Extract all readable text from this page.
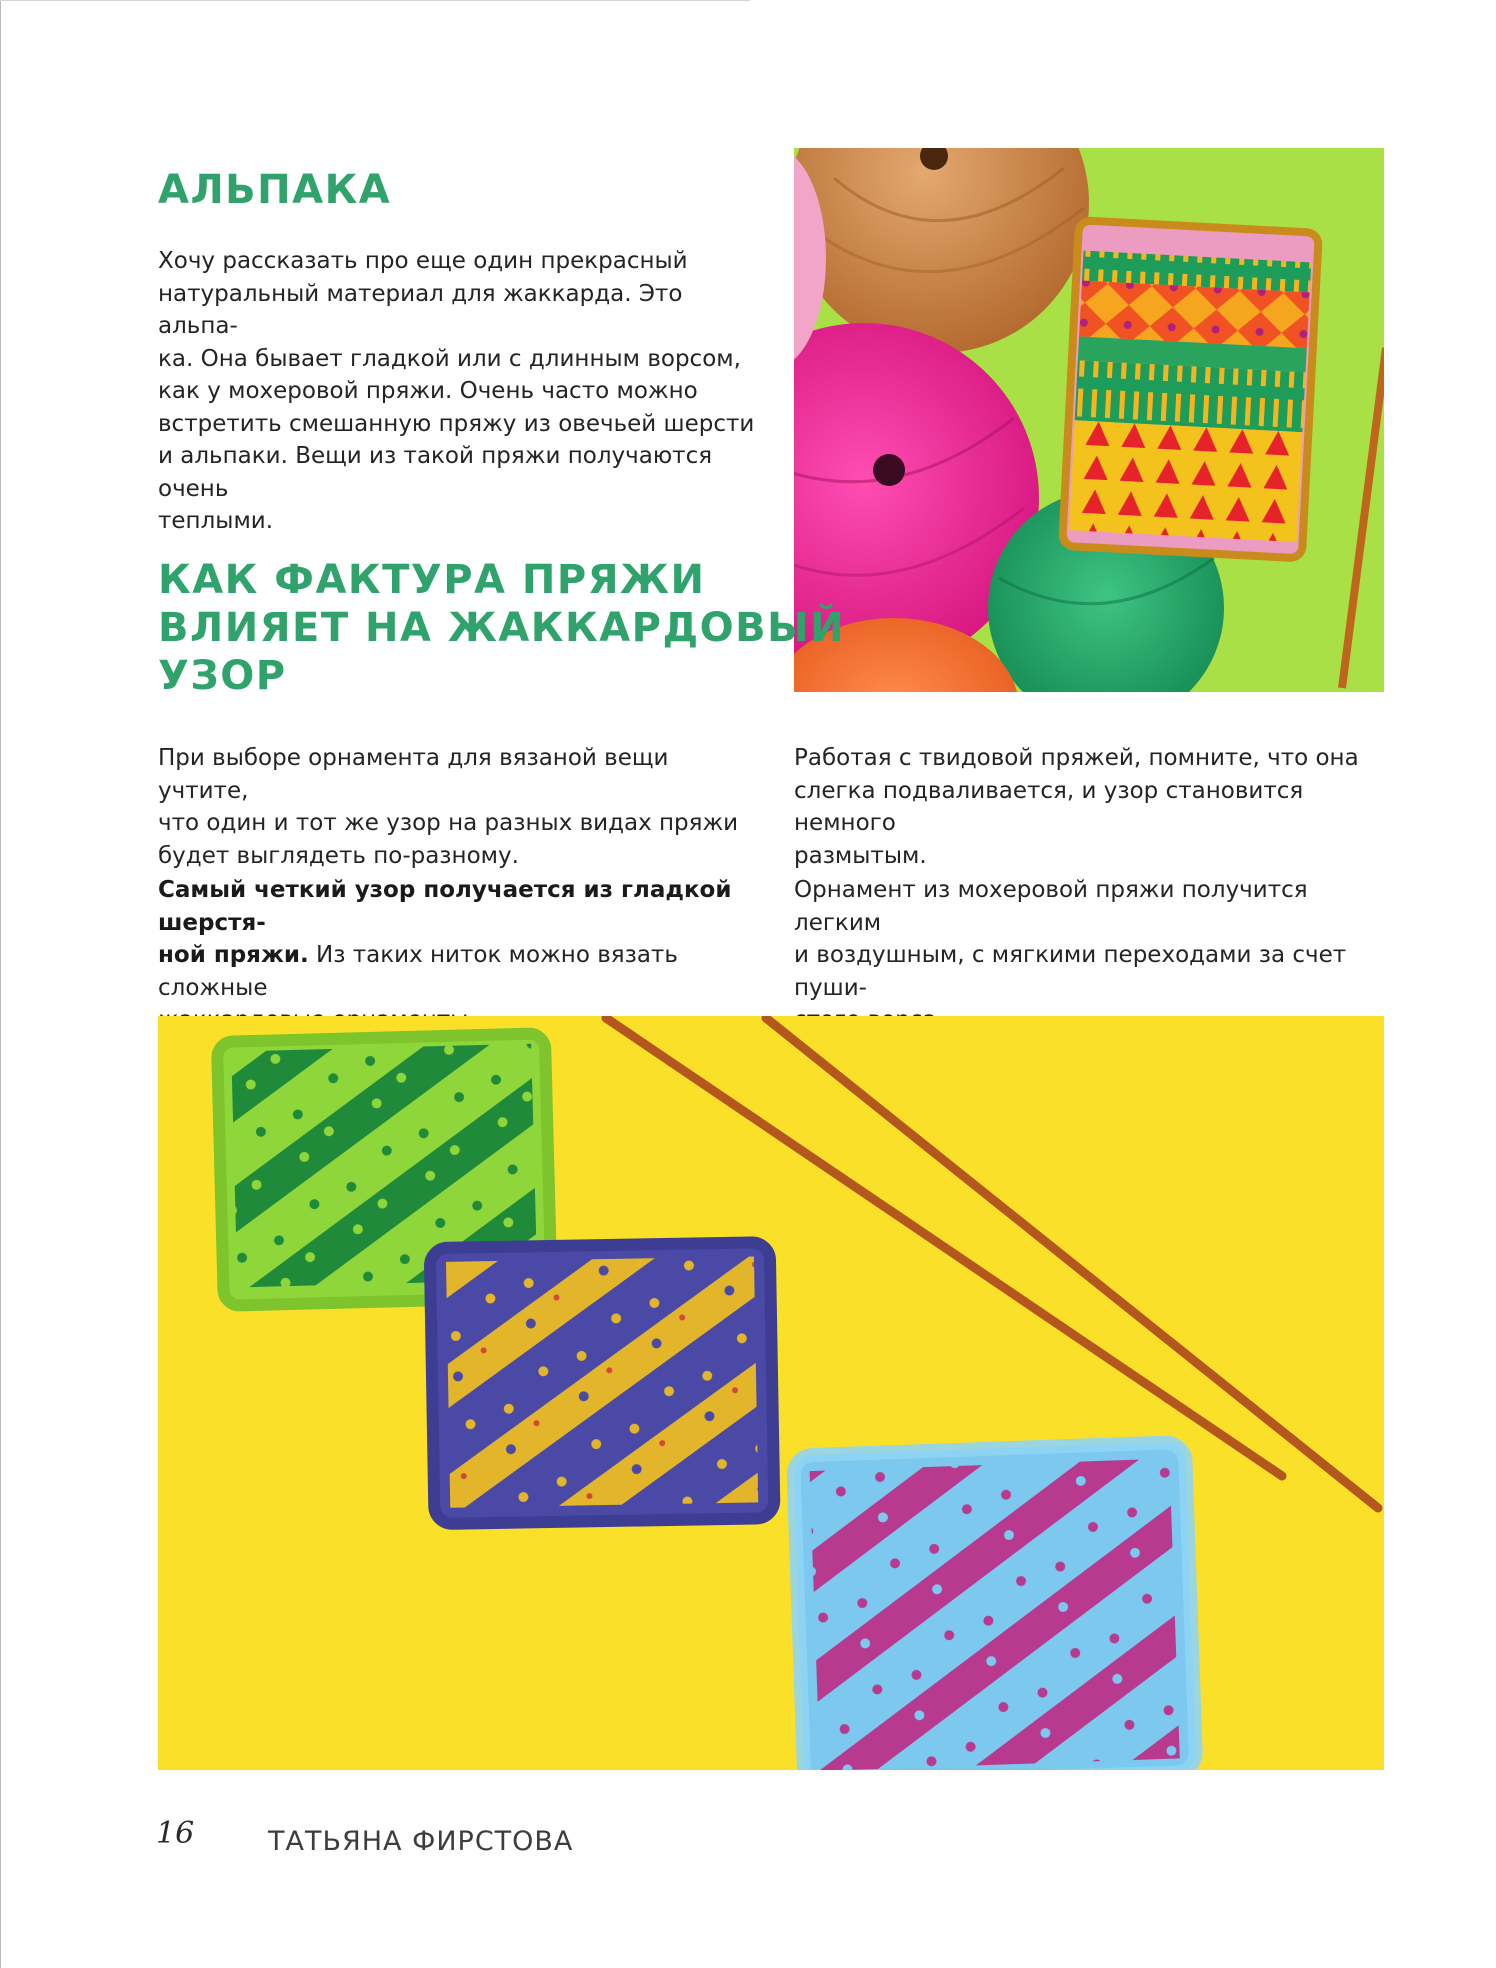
АЛЬПАКА

Хочу рассказать про еще один прекрасный
натуральный материал для жаккарда. Это альпа-
ка. Она бывает гладкой или с длинным ворсом,
как у мохеровой пряжи. Очень часто можно
встретить смешанную пряжу из овечьей шерсти
и альпаки. Вещи из такой пряжи получаются очень
теплыми.

КАК ФАКТУРА ПРЯЖИ
ВЛИЯЕТ НА ЖАККАРДОВЫЙ
УЗОР

При выборе орнамента для вязаной вещи учтите,
что один и тот же узор на разных видах пряжи
будет выглядеть по-разному.

Самый четкий узор получается из гладкой шерстя-
ной пряжи. Из таких ниток можно вязать сложные

Работая с твидовой пряжей, помните, что она
слегка подваливается, и узор становится немного
размытым.

Орнамент из мохеровой пряжи получится легким
и воздушным, с мягкими переходами за счет пуши-

16	ТАТЬЯНА ФИРСТОВА
